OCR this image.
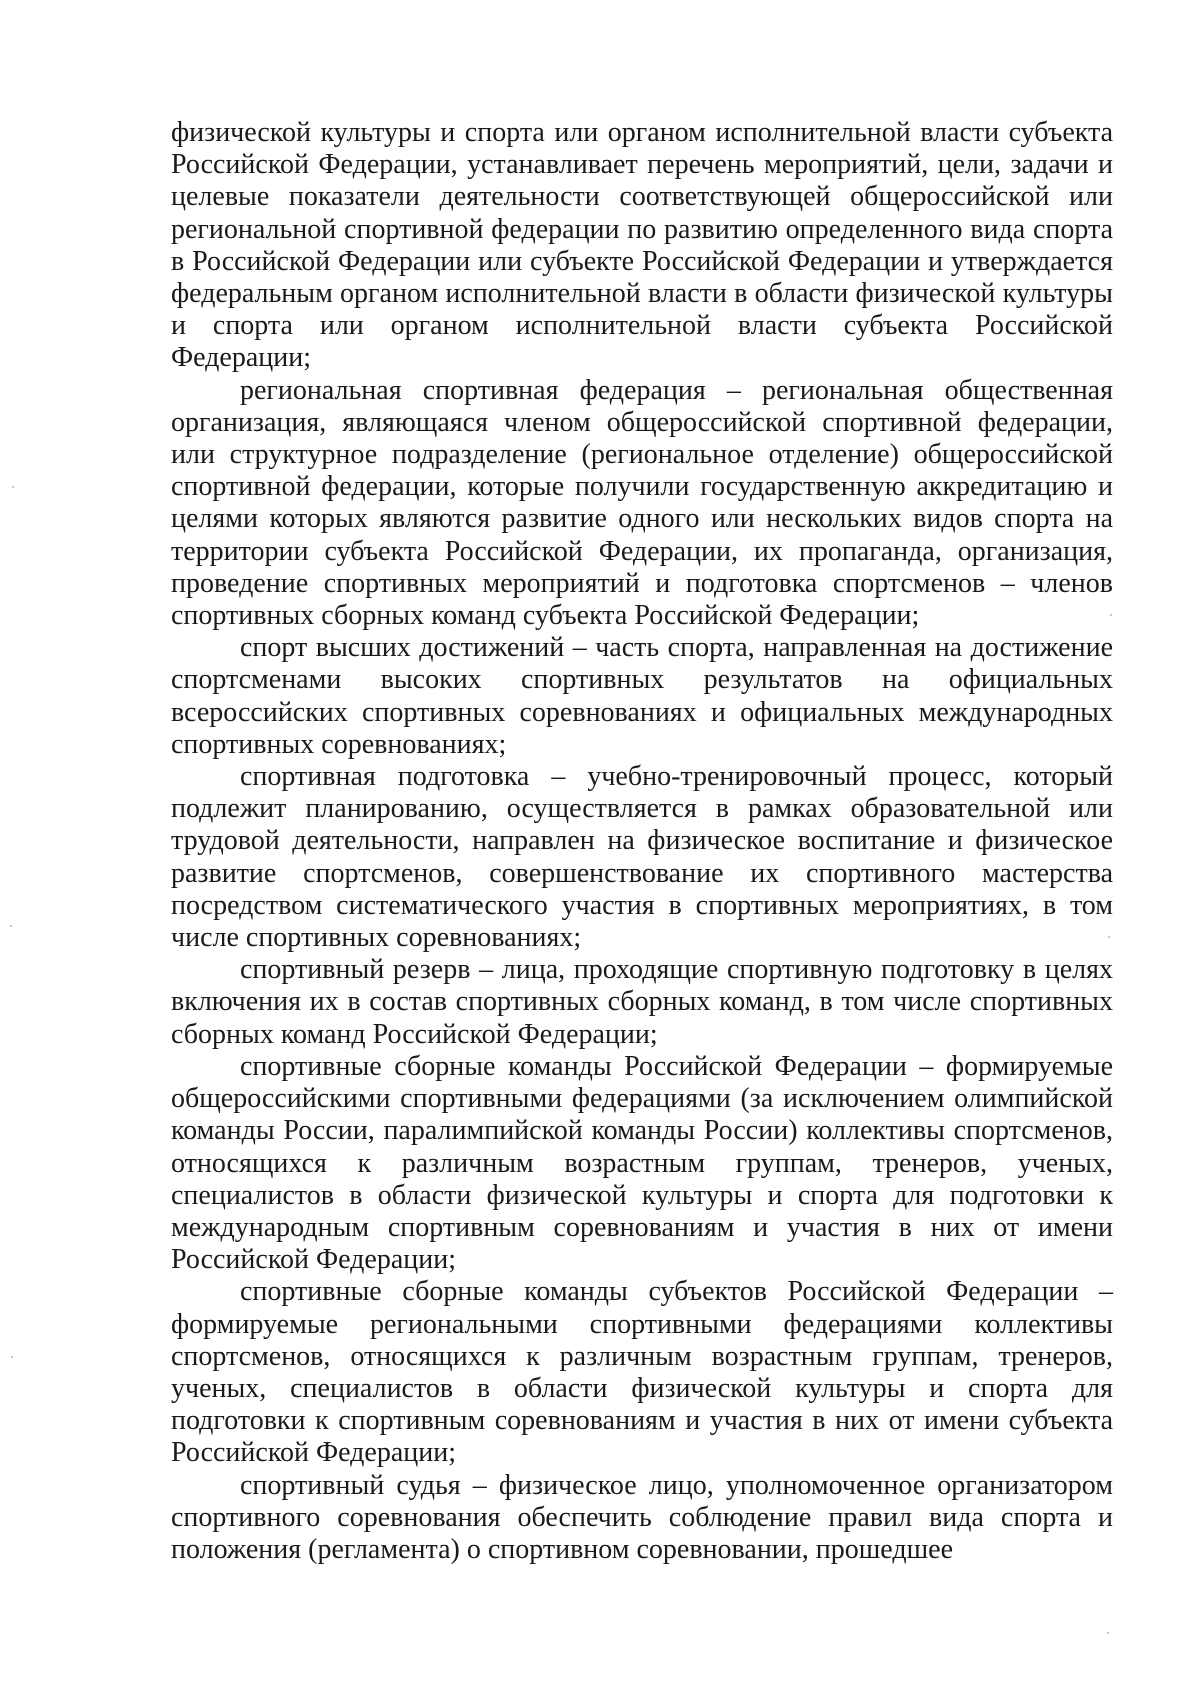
физической культуры и спорта или органом исполнительной власти субъекта Российской Федерации, устанавливает перечень мероприятий, цели, задачи и целевые показатели деятельности соответствующей общероссийской или региональной спортивной федерации по развитию определенного вида спорта в Российской Федерации или субъекте Российской Федерации и утверждается федеральным органом исполнительной власти в области физической культуры и спорта или органом исполнительной власти субъекта Российской Федерации;

региональная спортивная федерация – региональная общественная организация, являющаяся членом общероссийской спортивной федерации, или структурное подразделение (региональное отделение) общероссийской спортивной федерации, которые получили государственную аккредитацию и целями которых являются развитие одного или нескольких видов спорта на территории субъекта Российской Федерации, их пропаганда, организация, проведение спортивных мероприятий и подготовка спортсменов – членов спортивных сборных команд субъекта Российской Федерации;

спорт высших достижений – часть спорта, направленная на достижение спортсменами высоких спортивных результатов на официальных всероссийских спортивных соревнованиях и официальных международных спортивных соревнованиях;

спортивная подготовка – учебно-тренировочный процесс, который подлежит планированию, осуществляется в рамках образовательной или трудовой деятельности, направлен на физическое воспитание и физическое развитие спортсменов, совершенствование их спортивного мастерства посредством систематического участия в спортивных мероприятиях, в том числе спортивных соревнованиях;

спортивный резерв – лица, проходящие спортивную подготовку в целях включения их в состав спортивных сборных команд, в том числе спортивных сборных команд Российской Федерации;

спортивные сборные команды Российской Федерации – формируемые общероссийскими спортивными федерациями (за исключением олимпийской команды России, паралимпийской команды России) коллективы спортсменов, относящихся к различным возрастным группам, тренеров, ученых, специалистов в области физической культуры и спорта для подготовки к международным спортивным соревнованиям и участия в них от имени Российской Федерации;

спортивные сборные команды субъектов Российской Федерации – формируемые региональными спортивными федерациями коллективы спортсменов, относящихся к различным возрастным группам, тренеров, ученых, специалистов в области физической культуры и спорта для подготовки к спортивным соревнованиям и участия в них от имени субъекта Российской Федерации;

спортивный судья – физическое лицо, уполномоченное организатором спортивного соревнования обеспечить соблюдение правил вида спорта и положения (регламента) о спортивном соревновании, прошедшее
